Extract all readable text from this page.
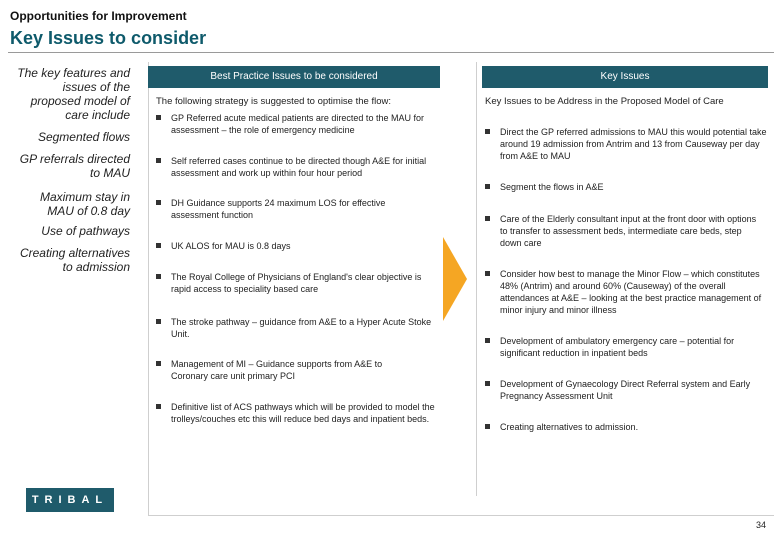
Opportunities for Improvement
Key Issues to consider
The key features and issues of the proposed model of care include
Segmented flows
GP referrals directed to MAU
Maximum stay in MAU of 0.8 day
Use of pathways
Creating alternatives to admission
Best Practice Issues to be considered
The following strategy is suggested to optimise the flow:
GP Referred acute medical patients are directed to the MAU for assessment – the role of emergency medicine
Self referred cases continue to be directed though A&E for initial assessment and work up within four hour period
DH Guidance supports 24 maximum LOS for effective assessment function
UK ALOS for MAU is 0.8 days
The Royal College of Physicians of England's clear objective is rapid access to speciality based care
The stroke pathway – guidance from A&E to a Hyper Acute Stoke Unit.
Management of MI – Guidance supports from A&E to Coronary care unit primary PCI
Definitive list of ACS pathways which will be provided to model the trolleys/couches etc this will reduce bed days and inpatient beds.
Key Issues
Key Issues to be Address in the Proposed Model of Care
Direct the GP referred admissions to MAU this would potential take around 19 admission from Antrim and 13 from Causeway per day from A&E to MAU
Segment the flows in A&E
Care of the Elderly consultant input at the front door with options to transfer to assessment beds, intermediate care beds, step down care
Consider how best to manage the Minor Flow – which constitutes 48% (Antrim) and around 60% (Causeway) of the overall attendances at A&E – looking at the best practice management of minor injury and minor illness
Development of ambulatory emergency care – potential for significant reduction in inpatient beds
Development of Gynaecology Direct Referral system and Early Pregnancy Assessment Unit
Creating alternatives to admission.
TRIBAL
34
